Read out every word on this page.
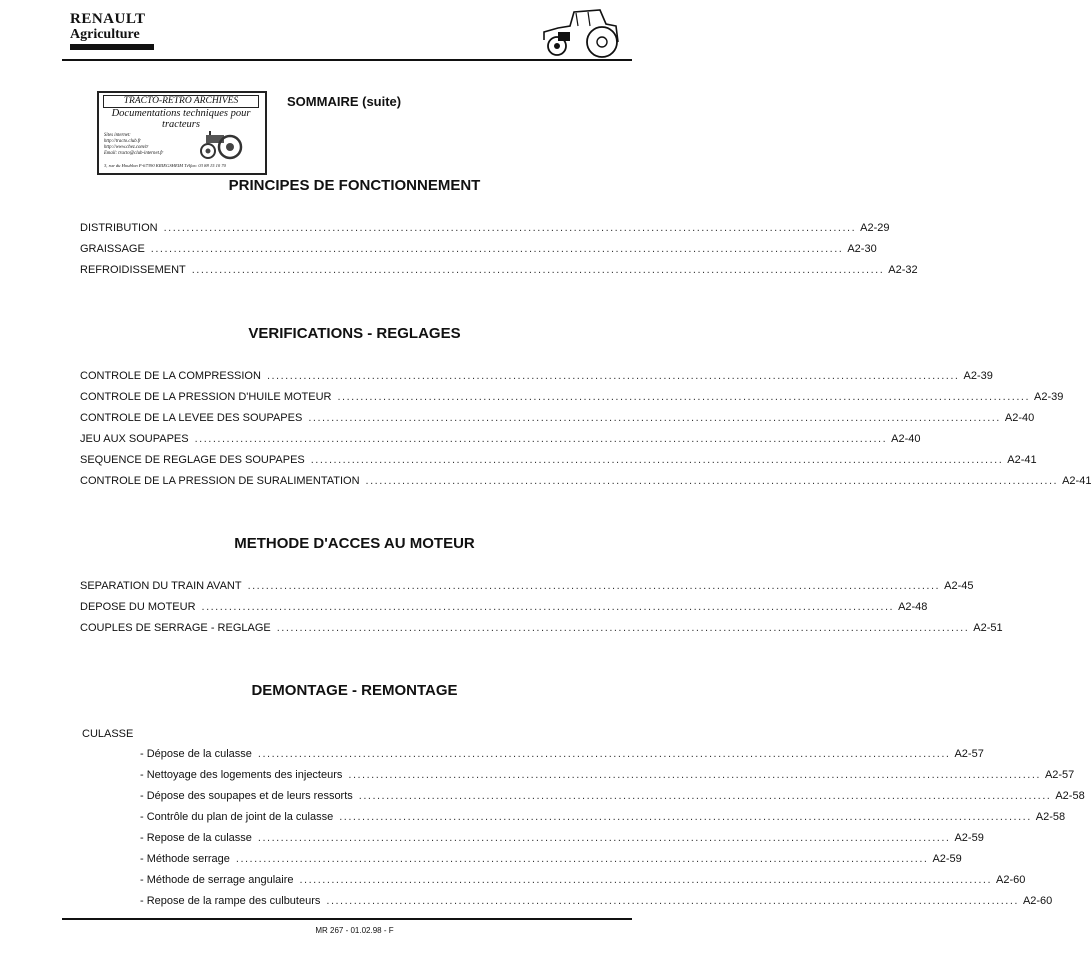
RENAULT
Agriculture
TRACTO-RETRO ARCHIVES
Documentations techniques pour tracteurs
Sites internet:
http://tracto.club.fr
http://www.chez.com/tr
Email: tracto@club-internet.fr
3, rue du Houblon F-67390 KRIEGSHEIM Télfax: 03 88 15 10 70
SOMMAIRE (suite)
PRINCIPES DE FONCTIONNEMENT
DISTRIBUTION ........................................................................................................................................................ A2-29
GRAISSAGE ........................................................................................................................................................ A2-30
REFROIDISSEMENT ........................................................................................................................................................ A2-32
VERIFICATIONS - REGLAGES
CONTROLE DE LA COMPRESSION ........................................................................................................................................................ A2-39
CONTROLE DE LA PRESSION D'HUILE MOTEUR ........................................................................................................................................................ A2-39
CONTROLE DE LA LEVEE DES SOUPAPES ........................................................................................................................................................ A2-40
JEU AUX SOUPAPES ........................................................................................................................................................ A2-40
SEQUENCE DE REGLAGE DES SOUPAPES ........................................................................................................................................................ A2-41
CONTROLE DE LA PRESSION DE SURALIMENTATION ........................................................................................................................................................ A2-41
METHODE D'ACCES AU MOTEUR
SEPARATION DU TRAIN AVANT ........................................................................................................................................................ A2-45
DEPOSE DU MOTEUR ........................................................................................................................................................ A2-48
COUPLES DE SERRAGE - REGLAGE ........................................................................................................................................................ A2-51
DEMONTAGE - REMONTAGE
CULASSE
- Dépose de la culasse ........................................................................................................................................................ A2-57
- Nettoyage des logements des injecteurs ........................................................................................................................................................ A2-57
- Dépose des soupapes et de leurs ressorts ........................................................................................................................................................ A2-58
- Contrôle du plan de joint de la culasse ........................................................................................................................................................ A2-58
- Repose de la culasse ........................................................................................................................................................ A2-59
- Méthode serrage ........................................................................................................................................................ A2-59
- Méthode de serrage angulaire ........................................................................................................................................................ A2-60
- Repose de la rampe des culbuteurs ........................................................................................................................................................ A2-60
MR 267 - 01.02.98 - F
